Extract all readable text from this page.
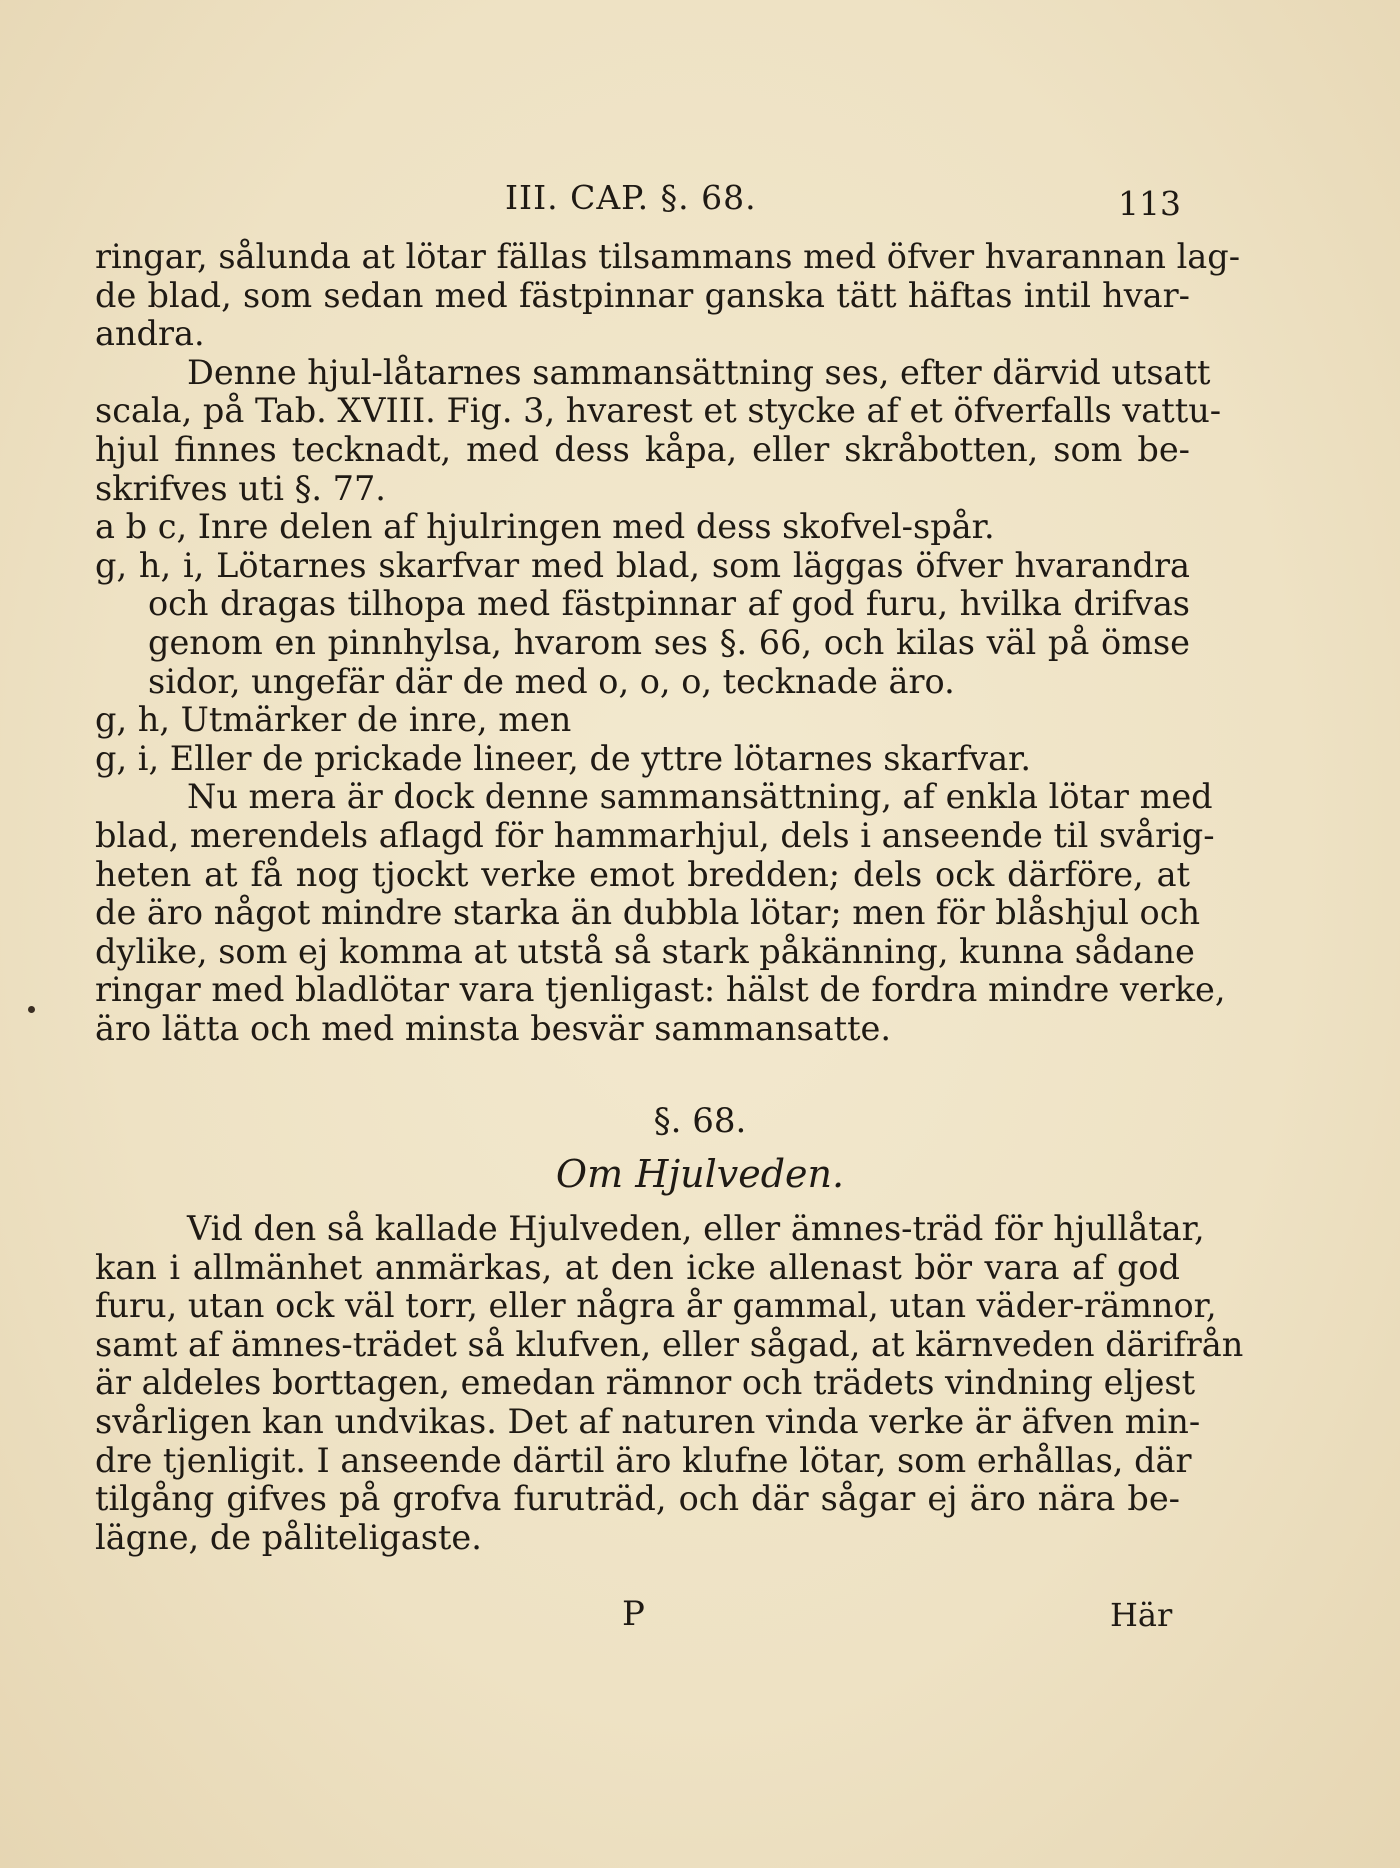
III. CAP. §. 68.	113
ringar, sålunda at lötar fällas tilsammans med öfver hvarannan lag-
de blad, som sedan med fästpinnar ganska tätt häftas intil hvar-
andra.
Denne hjul-låtarnes sammansättning ses, efter därvid utsatt
scala, på Tab. XVIII. Fig. 3, hvarest et stycke af et öfverfalls vattu-
hjul finnes tecknadt, med dess kåpa, eller skråbotten, som be-
skrifves uti §. 77.
a b c, Inre delen af hjulringen med dess skofvel-spår.
g, h, i, Lötarnes skarfvar med blad, som läggas öfver hvarandra
och dragas tilhopa med fästpinnar af god furu, hvilka drifvas
genom en pinnhylsa, hvarom ses §. 66, och kilas väl på ömse
sidor, ungefär där de med o, o, o, tecknade äro.
g, h, Utmärker de inre, men
g, i, Eller de prickade lineer, de yttre lötarnes skarfvar.
Nu mera är dock denne sammansättning, af enkla lötar med
blad, merendels aflagd för hammarhjul, dels i anseende til svårig-
heten at få nog tjockt verke emot bredden; dels ock därföre, at
de äro något mindre starka än dubbla lötar; men för blåshjul och
dylike, som ej komma at utstå så stark påkänning, kunna sådane
ringar med bladlötar vara tjenligast: hälst de fordra mindre verke,
äro lätta och med minsta besvär sammansatte.
§. 68.
Om Hjulveden.
Vid den så kallade Hjulveden, eller ämnes-träd för hjullåtar,
kan i allmänhet anmärkas, at den icke allenast bör vara af god
furu, utan ock väl torr, eller några år gammal, utan väder-rämnor,
samt af ämnes-trädet så klufven, eller sågad, at kärnveden därifrån
är aldeles borttagen, emedan rämnor och trädets vindning eljest
svårligen kan undvikas. Det af naturen vinda verke är äfven min-
dre tjenligit. I anseende därtil äro klufne lötar, som erhållas, där
tilgång gifves på grofva furuträd, och där sågar ej äro nära be-
lägne, de påliteligaste.
P	Här
